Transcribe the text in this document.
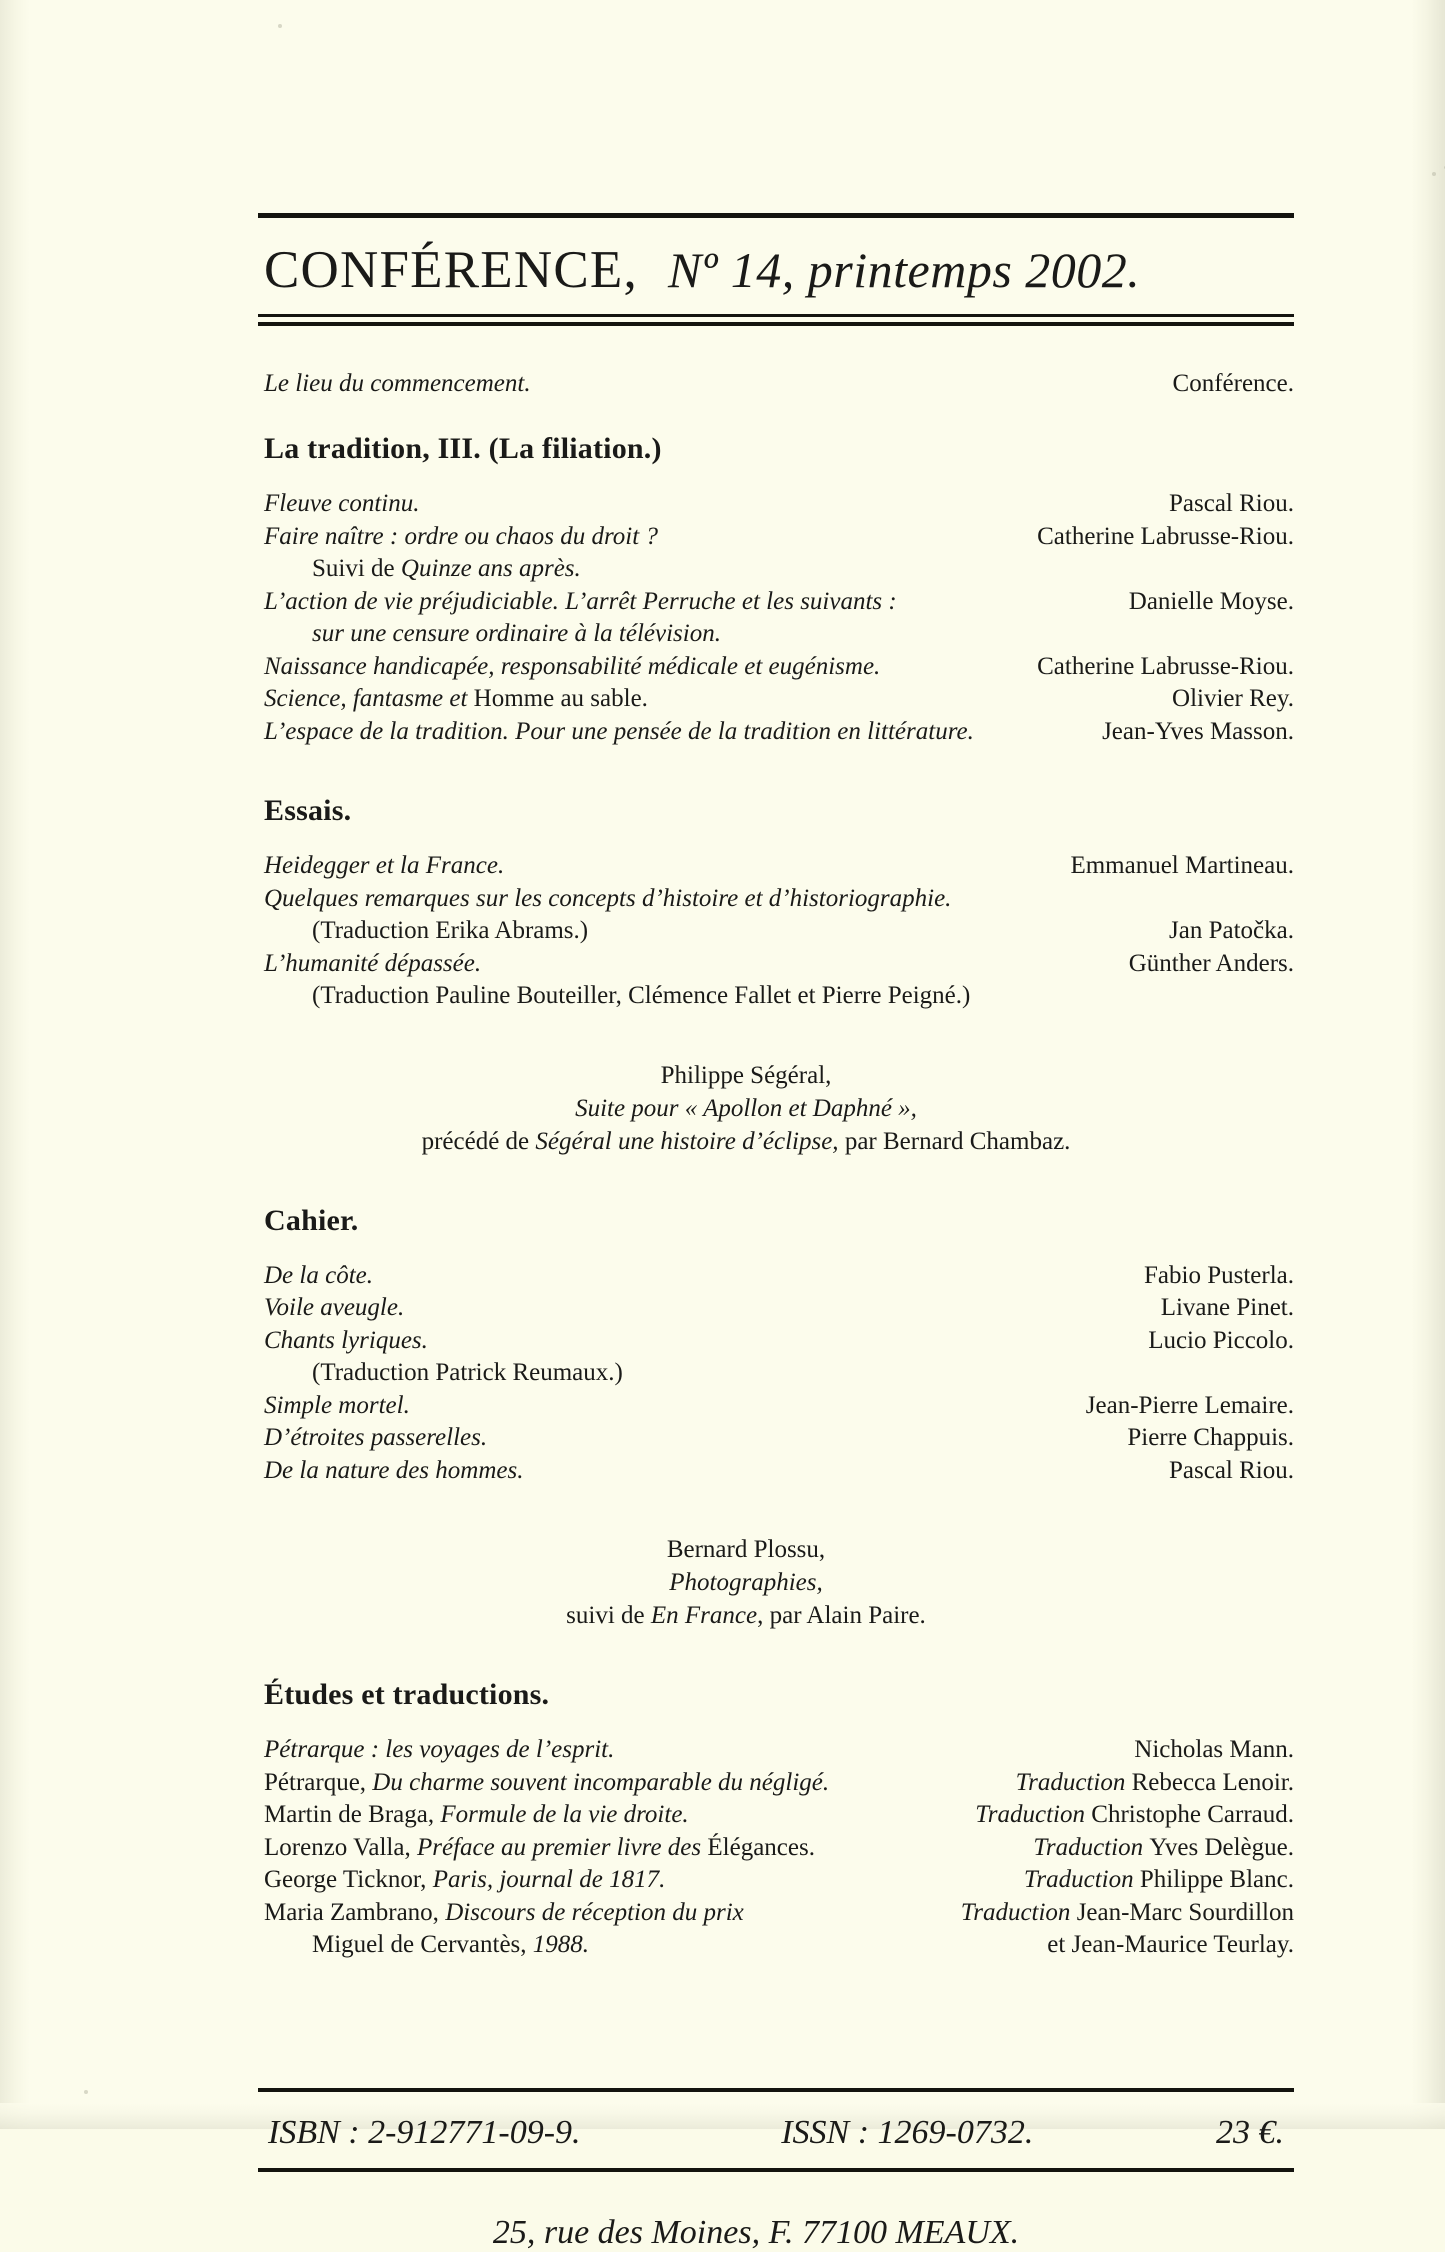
CONFÉRENCE, Nº 14, printemps 2002.
Le lieu du commencement.	Conférence.
La tradition, III. (La filiation.)
Fleuve continu.	Pascal Riou.
Faire naître : ordre ou chaos du droit ?	Catherine Labrusse-Riou.
Suivi de Quinze ans après.
L’action de vie préjudiciable. L’arrêt Perruche et les suivants :	Danielle Moyse.
sur une censure ordinaire à la télévision.
Naissance handicapée, responsabilité médicale et eugénisme.	Catherine Labrusse-Riou.
Science, fantasme et Homme au sable.	Olivier Rey.
L’espace de la tradition. Pour une pensée de la tradition en littérature.	Jean-Yves Masson.
Essais.
Heidegger et la France.	Emmanuel Martineau.
Quelques remarques sur les concepts d’histoire et d’historiographie.
(Traduction Erika Abrams.)	Jan Patočka.
L’humanité dépassée.	Günther Anders.
(Traduction Pauline Bouteiller, Clémence Fallet et Pierre Peigné.)
Philippe Ségéral,
Suite pour « Apollon et Daphné »,
précédé de Ségéral une histoire d’éclipse, par Bernard Chambaz.
Cahier.
De la côte.	Fabio Pusterla.
Voile aveugle.	Livane Pinet.
Chants lyriques.	Lucio Piccolo.
(Traduction Patrick Reumaux.)
Simple mortel.	Jean-Pierre Lemaire.
D’étroites passerelles.	Pierre Chappuis.
De la nature des hommes.	Pascal Riou.
Bernard Plossu,
Photographies,
suivi de En France, par Alain Paire.
Études et traductions.
Pétrarque : les voyages de l’esprit.	Nicholas Mann.
Pétrarque, Du charme souvent incomparable du négligé.	Traduction Rebecca Lenoir.
Martin de Braga, Formule de la vie droite.	Traduction Christophe Carraud.
Lorenzo Valla, Préface au premier livre des Élégances.	Traduction Yves Delègue.
George Ticknor, Paris, journal de 1817.	Traduction Philippe Blanc.
Maria Zambrano, Discours de réception du prix	Traduction Jean-Marc Sourdillon
Miguel de Cervantès, 1988.	et Jean-Maurice Teurlay.
ISBN : 2-912771-09-9.	ISSN : 1269-0732.	23 €.
25, rue des Moines, F. 77100 MEAUX.
